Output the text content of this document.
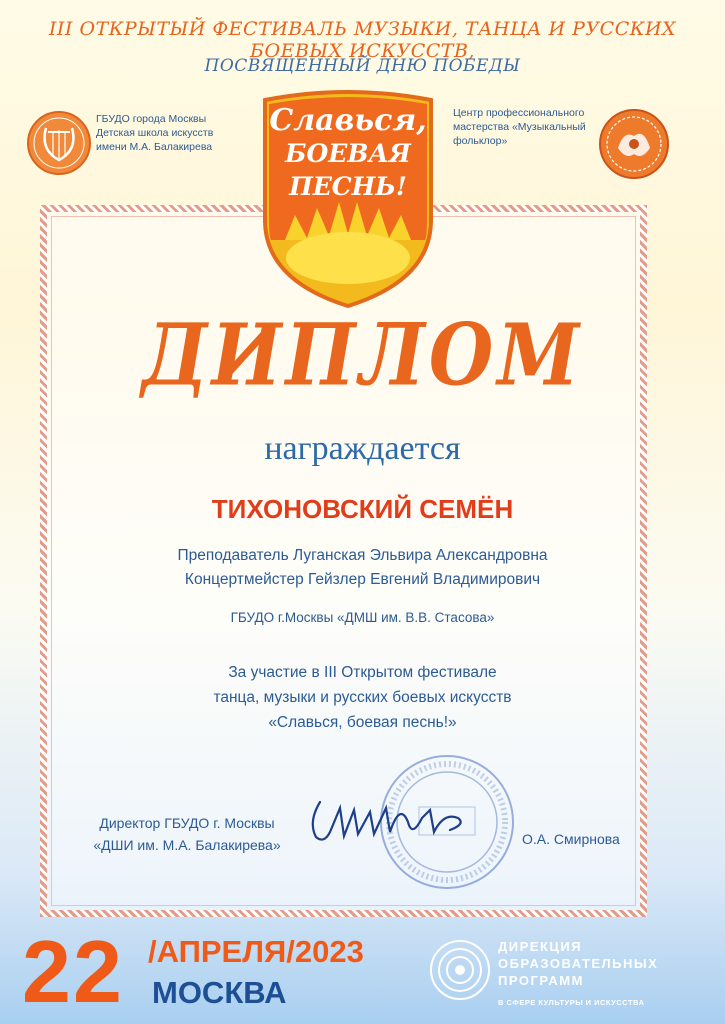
III ОТКРЫТЫЙ ФЕСТИВАЛЬ МУЗЫКИ, ТАНЦА И РУССКИХ БОЕВЫХ ИСКУССТВ,
ПОСВЯЩЕННЫЙ ДНЮ ПОБЕДЫ
ГБУДО города Москвы
Детская школа искусств
имени М.А. Балакирева
Центр профессионального
мастерства «Музыкальный
фольклор»
Славься,
БОЕВАЯ
ПЕСНЬ!
ДИПЛОМ
награждается
ТИХОНОВСКИЙ СЕМЁН
Преподаватель Луганская Эльвира Александровна
Концертмейстер Гейзлер Евгений Владимирович
ГБУДО г.Москвы «ДМШ им. В.В. Стасова»
За участие в III Открытом фестивале
танца, музыки и русских боевых искусств
«Славься, боевая песнь!»
Директор ГБУДО г. Москвы
«ДШИ им. М.А. Балакирева»	О.А. Смирнова
22 /АПРЕЛЯ/2023
МОСКВА
ДИРЕКЦИЯ
ОБРАЗОВАТЕЛЬНЫХ
ПРОГРАММ
В СФЕРЕ КУЛЬТУРЫ И ИСКУССТВА
